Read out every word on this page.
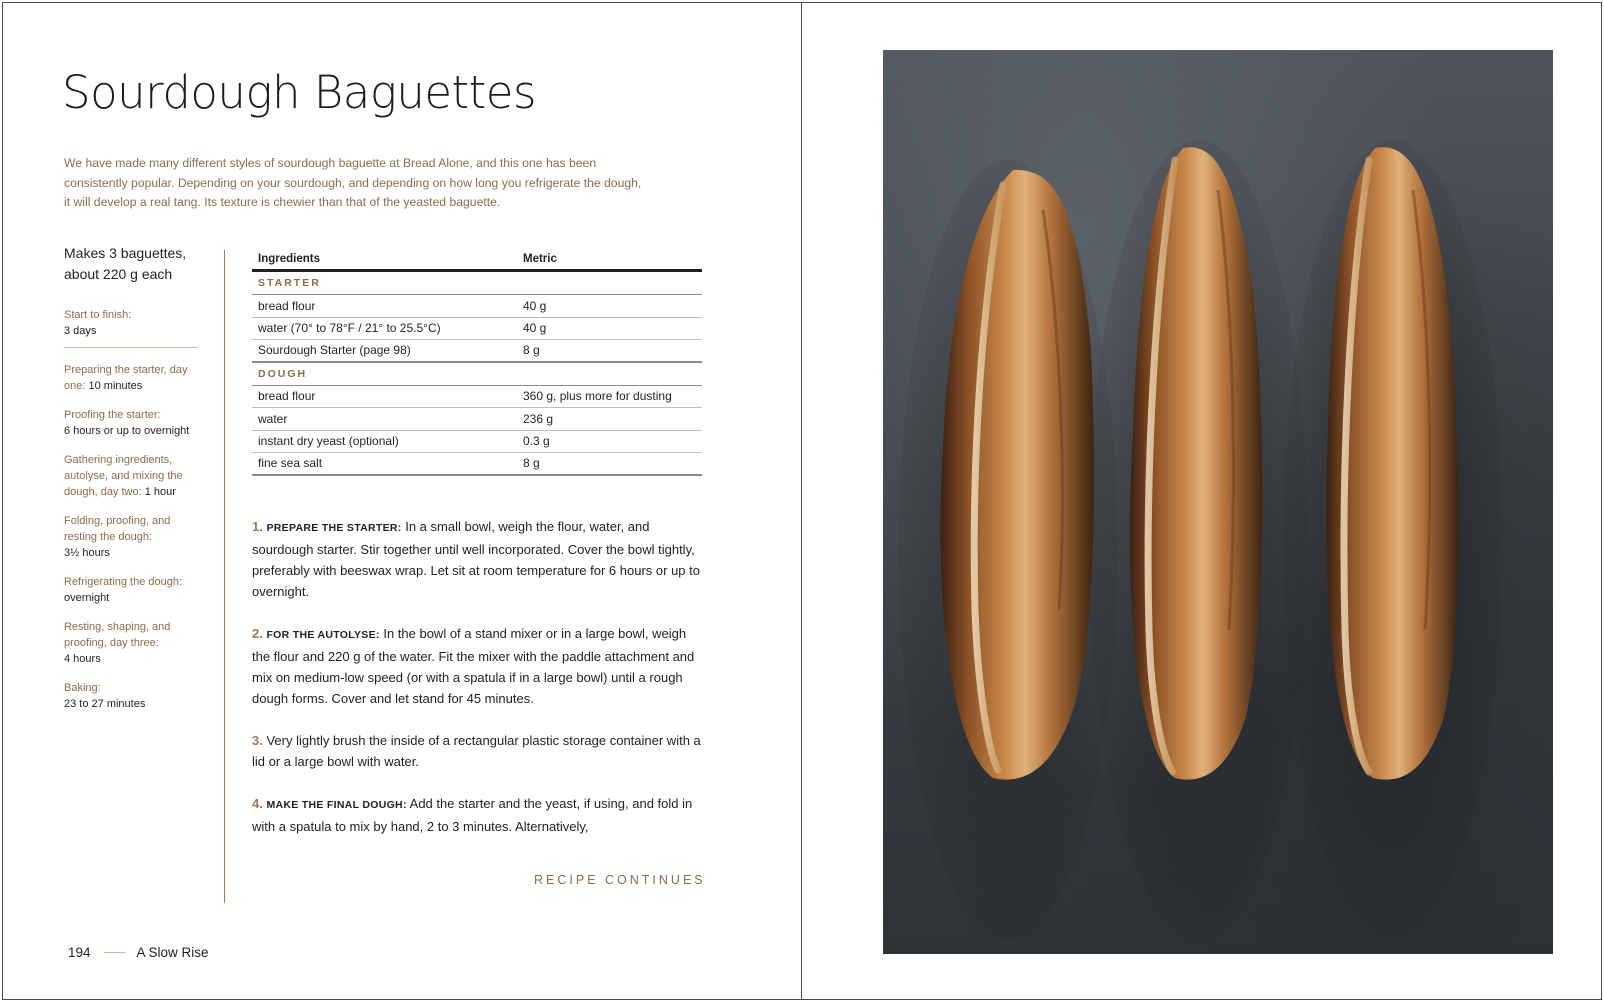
Sourdough Baguettes

We have made many different styles of sourdough baguette at Bread Alone, and this one has been consistently popular. Depending on your sourdough, and depending on how long you refrigerate the dough, it will develop a real tang. Its texture is chewier than that of the yeasted baguette.

Makes 3 baguettes, about 220 g each
Start to finish:
3 days
Preparing the starter, day one: 10 minutes
Proofing the starter:
6 hours or up to overnight
Gathering ingredients, autolyse, and mixing the dough, day two: 1 hour
Folding, proofing, and resting the dough:
3½ hours
Refrigerating the dough:
overnight
Resting, shaping, and proofing, day three:
4 hours
Baking:
23 to 27 minutes
Ingredients	Metric
STARTER
bread flour	40 g
water (70° to 78°F / 21° to 25.5°C)	40 g
Sourdough Starter (page 98)	8 g
DOUGH
bread flour	360 g, plus more for dusting
water	236 g
instant dry yeast (optional)	0.3 g
fine sea salt	8 g

1. PREPARE THE STARTER: In a small bowl, weigh the flour, water, and sourdough starter. Stir together until well incorporated. Cover the bowl tightly, preferably with beeswax wrap. Let sit at room temperature for 6 hours or up to overnight.

2. FOR THE AUTOLYSE: In the bowl of a stand mixer or in a large bowl, weigh the flour and 220 g of the water. Fit the mixer with the paddle attachment and mix on medium-low speed (or with a spatula if in a large bowl) until a rough dough forms. Cover and let stand for 45 minutes.

3. Very lightly brush the inside of a rectangular plastic storage container with a lid or a large bowl with water.

4. MAKE THE FINAL DOUGH: Add the starter and the yeast, if using, and fold in with a spatula to mix by hand, 2 to 3 minutes. Alternatively,

RECIPE CONTINUES
194	A Slow Rise
